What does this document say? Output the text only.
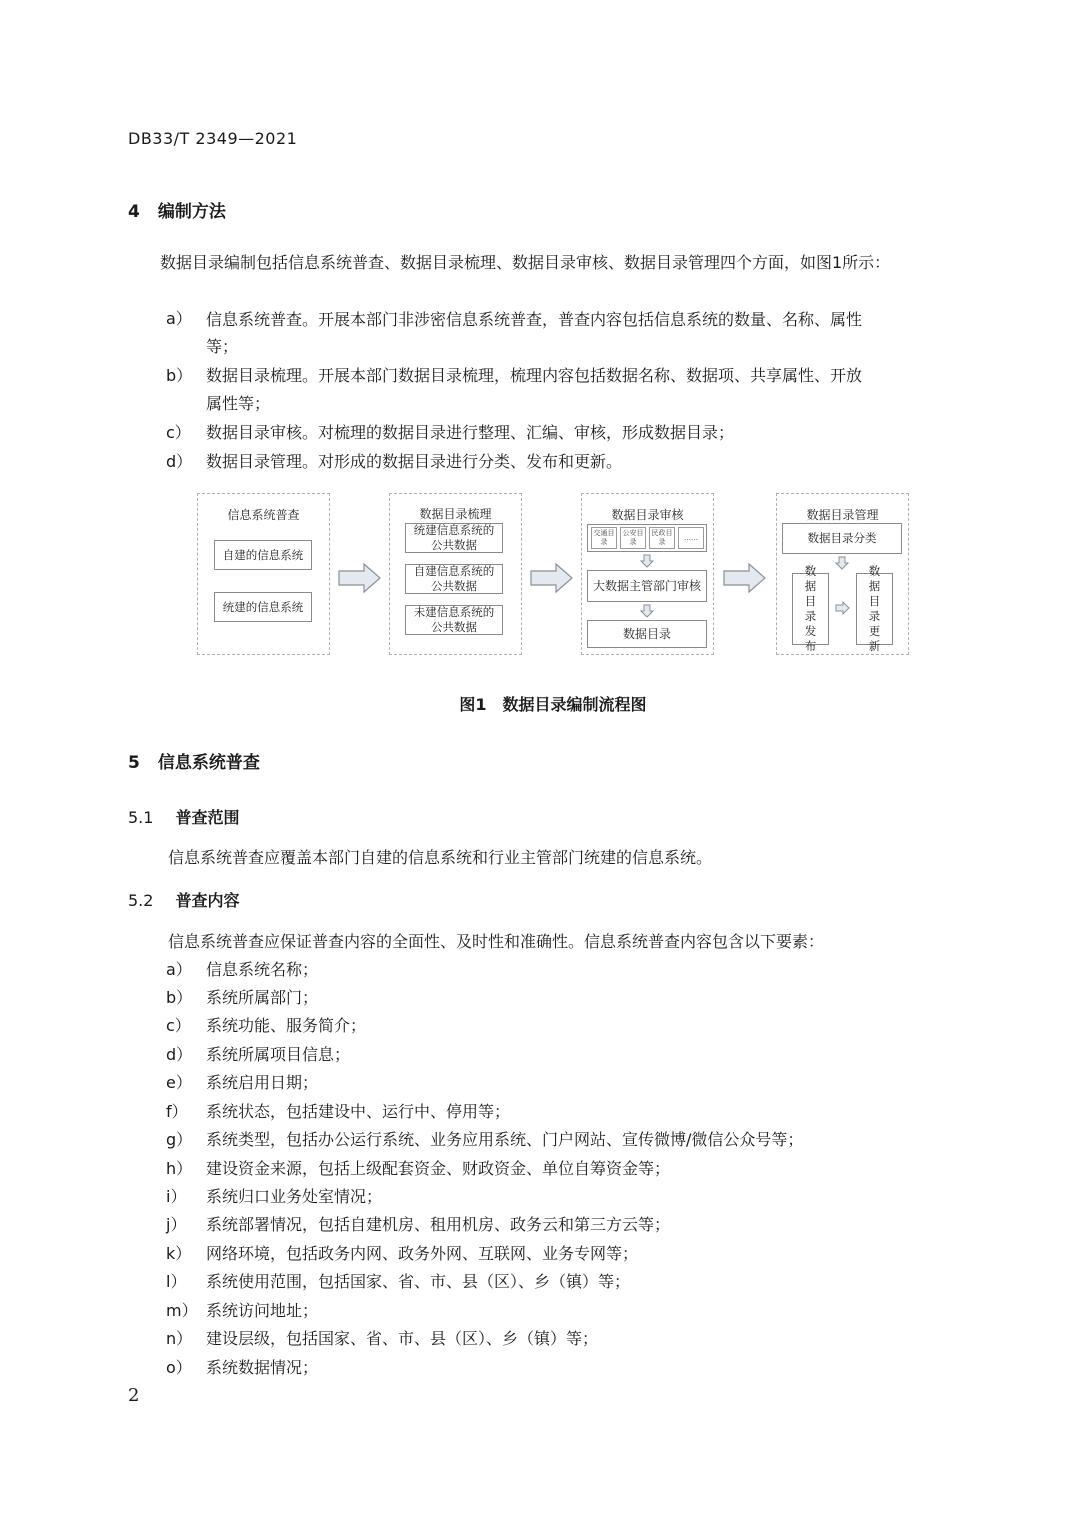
DB33/T 2349—2021
4 编制方法
数据目录编制包括信息系统普查、数据目录梳理、数据目录审核、数据目录管理四个方面，如图1所示：
a） 信息系统普查。开展本部门非涉密信息系统普查，普查内容包括信息系统的数量、名称、属性
等；
b） 数据目录梳理。开展本部门数据目录梳理，梳理内容包括数据名称、数据项、共享属性、开放
属性等；
c） 数据目录审核。对梳理的数据目录进行整理、汇编、审核，形成数据目录；
d） 数据目录管理。对形成的数据目录进行分类、发布和更新。
信息系统普查
自建的信息系统
统建的信息系统
数据目录梳理
统建信息系统的公共数据
自建信息系统的公共数据
未建信息系统的公共数据
数据目录审核
交通目录
公安目录
民政目录
……
大数据主管部门审核
数据目录
数据目录管理
数据目录分类
数据目录发布
数据目录更新
图1　数据目录编制流程图
5 信息系统普查
5.1 普查范围
信息系统普查应覆盖本部门自建的信息系统和行业主管部门统建的信息系统。
5.2 普查内容
信息系统普查应保证普查内容的全面性、及时性和准确性。信息系统普查内容包含以下要素：
a） 信息系统名称；
b） 系统所属部门；
c） 系统功能、服务简介；
d） 系统所属项目信息；
e） 系统启用日期；
f） 系统状态，包括建设中、运行中、停用等；
g） 系统类型，包括办公运行系统、业务应用系统、门户网站、宣传微博/微信公众号等；
h） 建设资金来源，包括上级配套资金、财政资金、单位自筹资金等；
i） 系统归口业务处室情况；
j） 系统部署情况，包括自建机房、租用机房、政务云和第三方云等；
k） 网络环境，包括政务内网、政务外网、互联网、业务专网等；
l） 系统使用范围，包括国家、省、市、县（区）、乡（镇）等；
m） 系统访问地址；
n） 建设层级，包括国家、省、市、县（区）、乡（镇）等；
o） 系统数据情况；
2
